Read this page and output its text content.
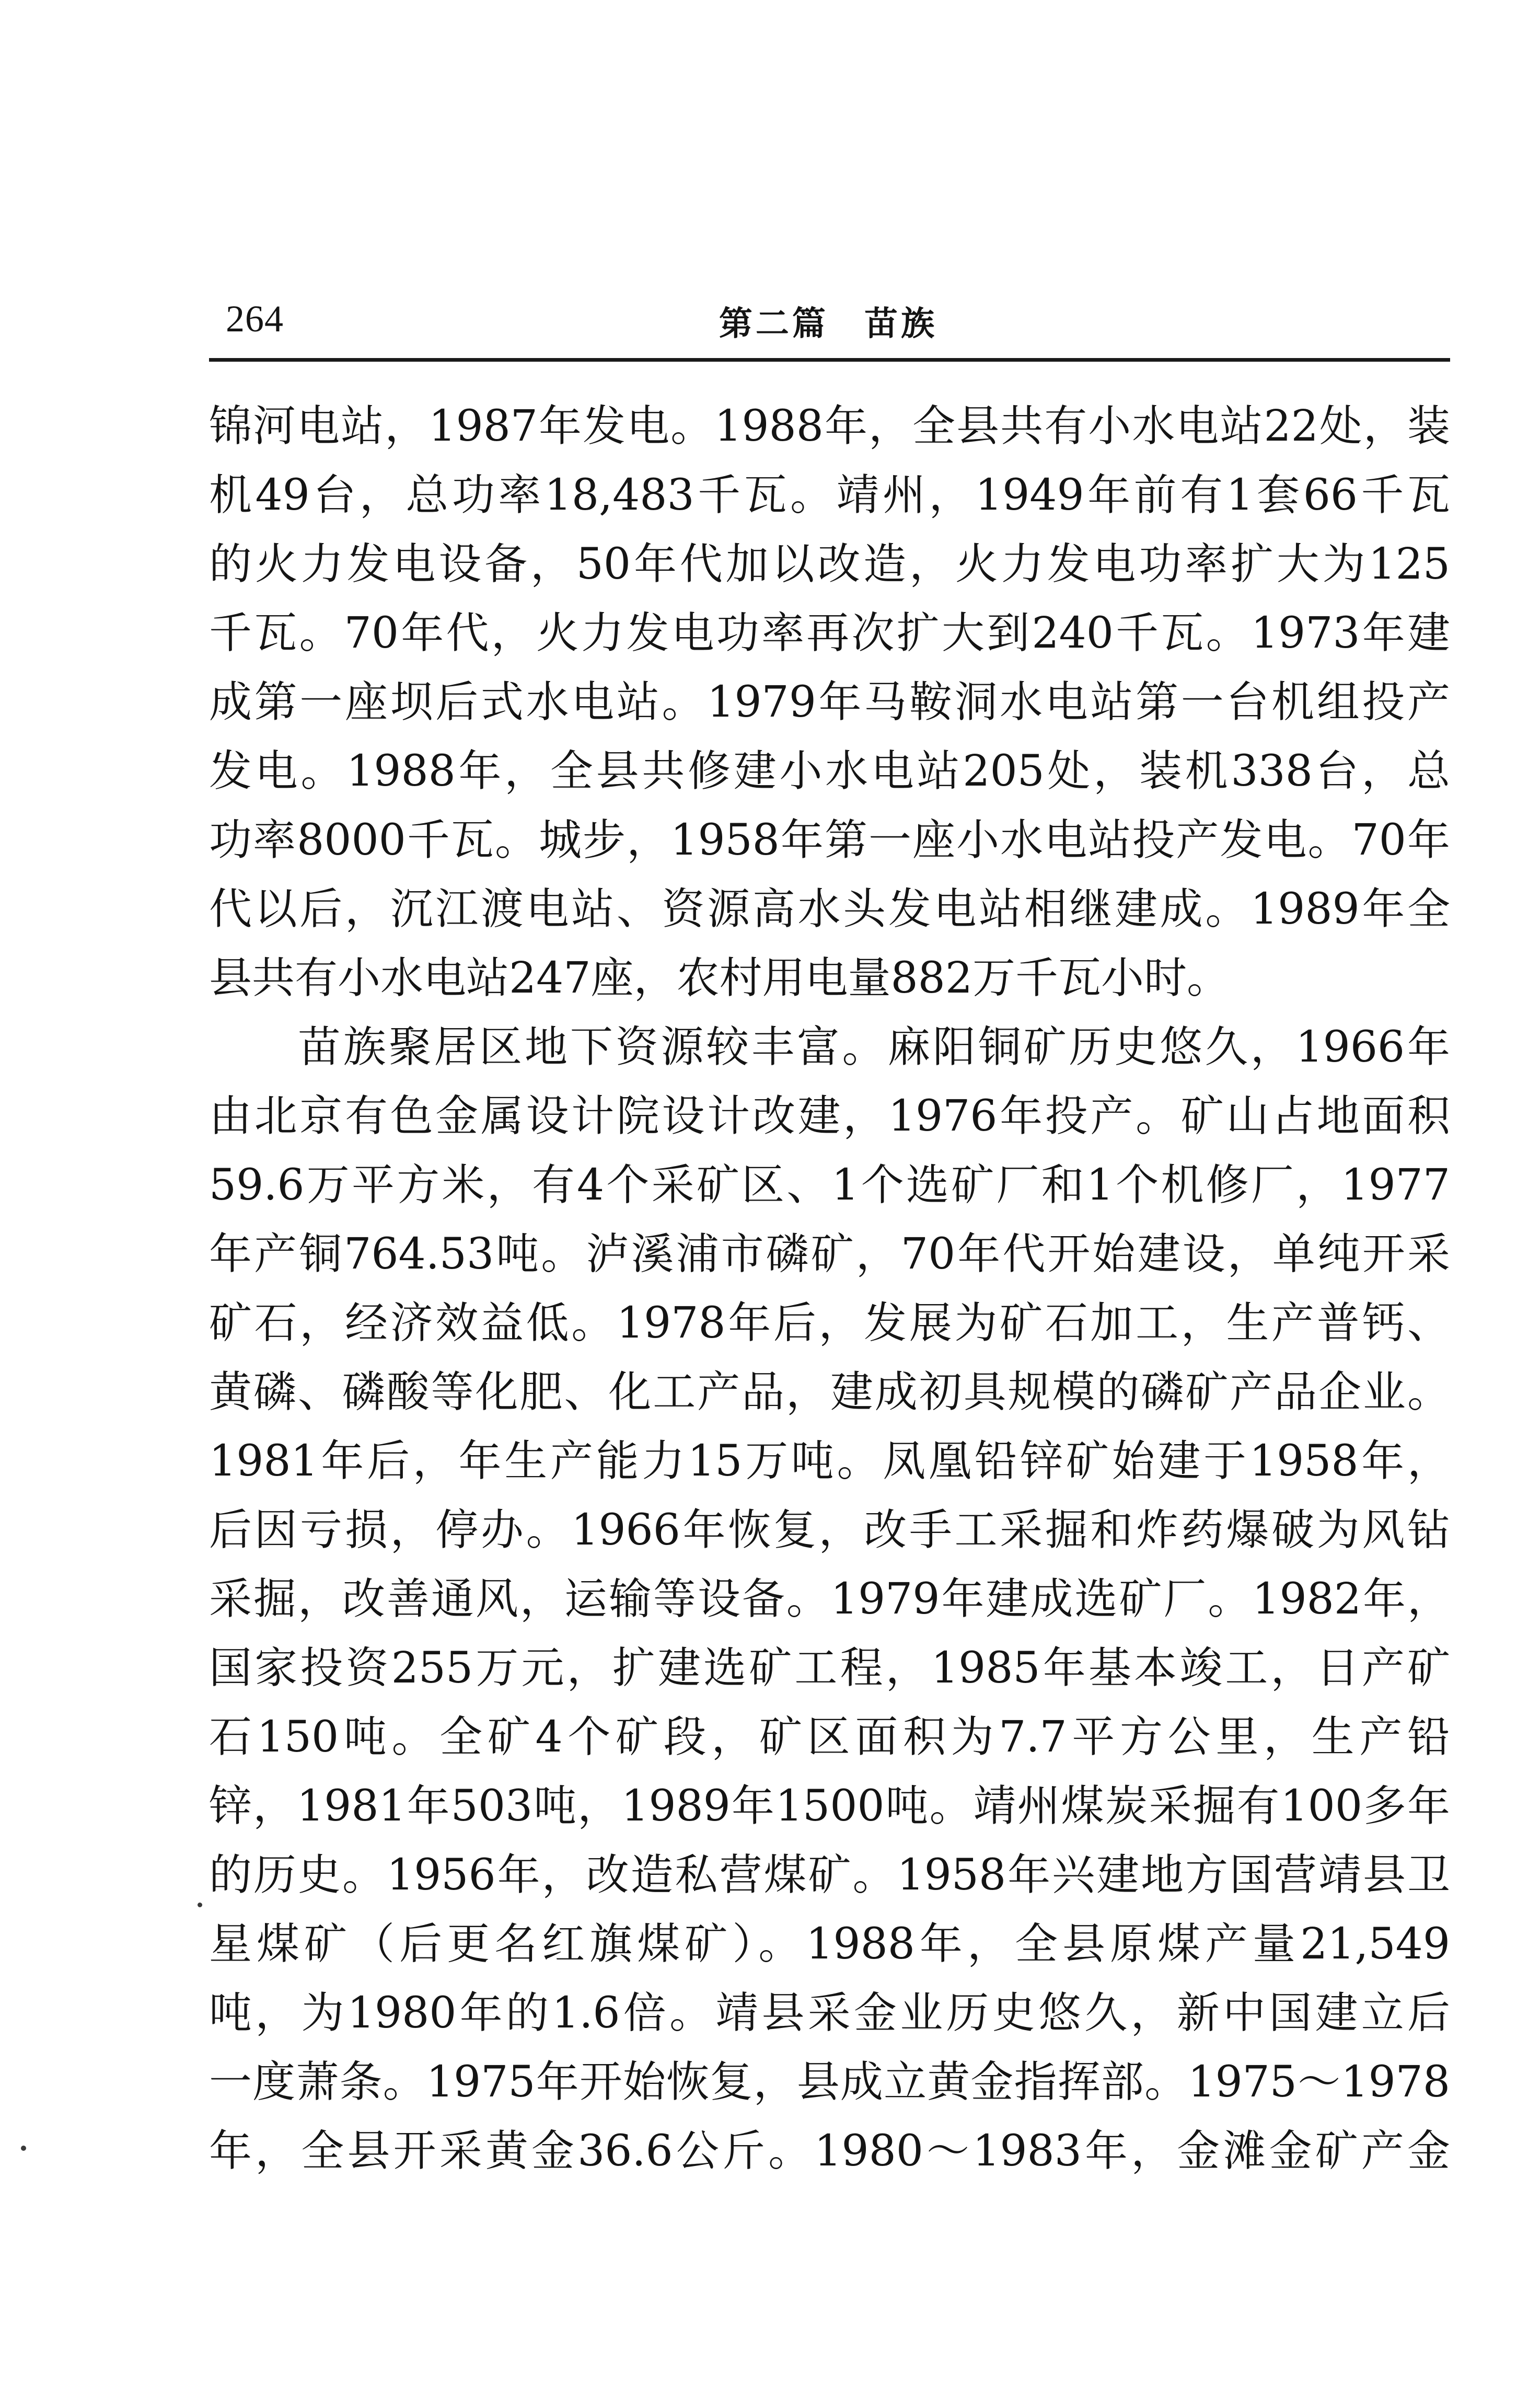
264	第二篇 苗族
锦河电站，1987年发电。1988年，全县共有小水电站22处，装
机49台，总功率18,483千瓦。靖州，1949年前有1套66千瓦
的火力发电设备，50年代加以改造，火力发电功率扩大为125
千瓦。70年代，火力发电功率再次扩大到240千瓦。1973年建
成第一座坝后式水电站。1979年马鞍洞水电站第一台机组投产
发电。1988年，全县共修建小水电站205处，装机338台，总
功率8000千瓦。城步，1958年第一座小水电站投产发电。70年
代以后，沉江渡电站、资源高水头发电站相继建成。1989年全
县共有小水电站247座，农村用电量882万千瓦小时。
苗族聚居区地下资源较丰富。麻阳铜矿历史悠久，1966年
由北京有色金属设计院设计改建，1976年投产。矿山占地面积
59.6万平方米，有4个采矿区、1个选矿厂和1个机修厂，1977
年产铜764.53吨。泸溪浦市磷矿，70年代开始建设，单纯开采
矿石，经济效益低。1978年后，发展为矿石加工，生产普钙、
黄磷、磷酸等化肥、化工产品，建成初具规模的磷矿产品企业。
1981年后，年生产能力15万吨。凤凰铅锌矿始建于1958年，
后因亏损，停办。1966年恢复，改手工采掘和炸药爆破为风钻
采掘，改善通风，运输等设备。1979年建成选矿厂。1982年，
国家投资255万元，扩建选矿工程，1985年基本竣工，日产矿
石150吨。全矿4个矿段，矿区面积为7.7平方公里，生产铅
锌，1981年503吨，1989年1500吨。靖州煤炭采掘有100多年
的历史。1956年，改造私营煤矿。1958年兴建地方国营靖县卫
星煤矿（后更名红旗煤矿）。1988年，全县原煤产量21,549
吨，为1980年的1.6倍。靖县采金业历史悠久，新中国建立后
一度萧条。1975年开始恢复，县成立黄金指挥部。1975～1978
年，全县开采黄金36.6公斤。1980～1983年，金滩金矿产金
